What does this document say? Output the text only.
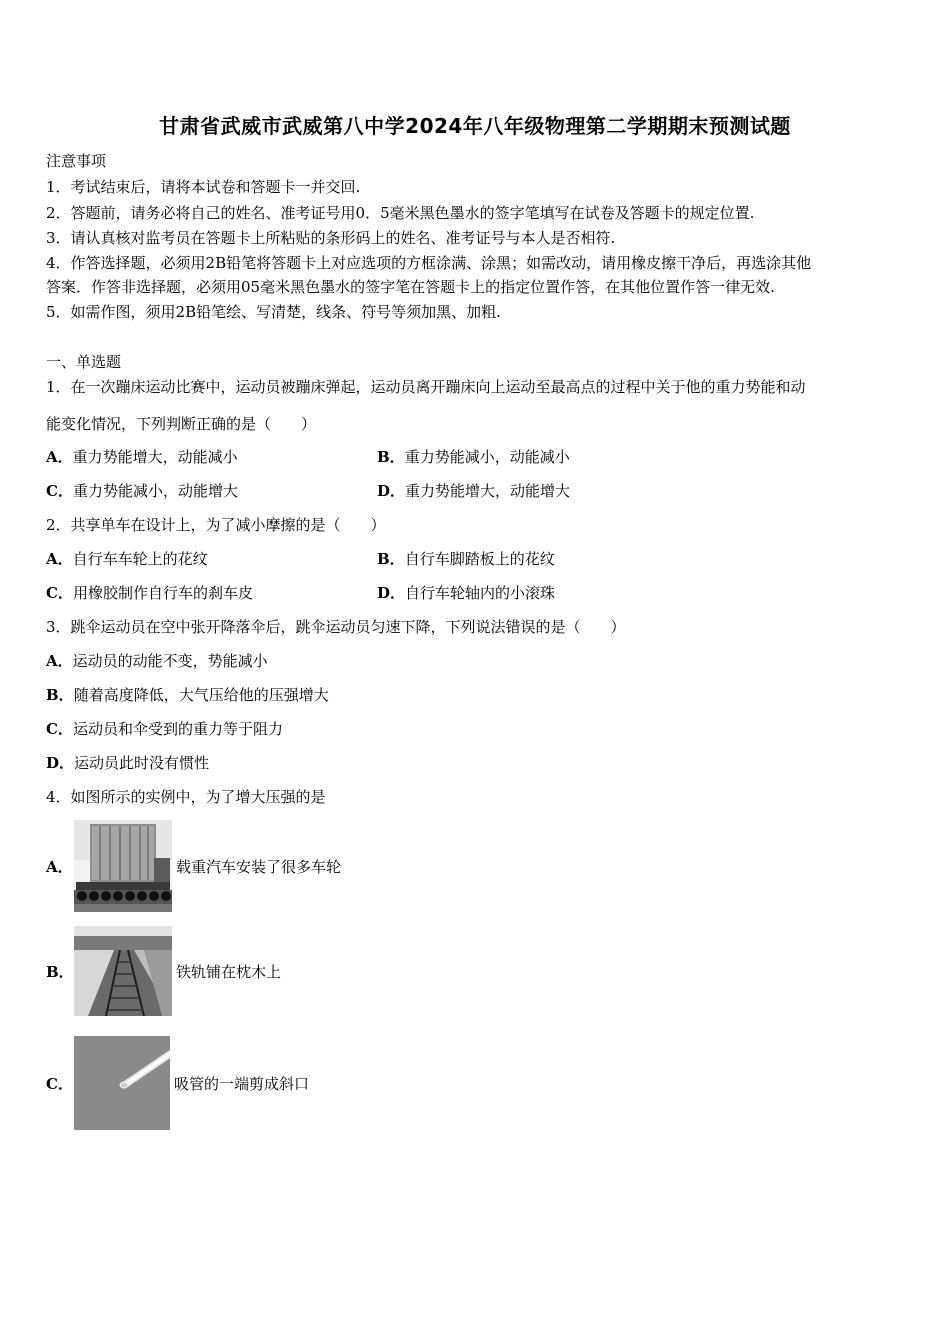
甘肃省武威市武威第八中学2024年八年级物理第二学期期末预测试题
注意事项
1．考试结束后，请将本试卷和答题卡一并交回.
2．答题前，请务必将自己的姓名、准考证号用0．5毫米黑色墨水的签字笔填写在试卷及答题卡的规定位置.
3．请认真核对监考员在答题卡上所粘贴的条形码上的姓名、准考证号与本人是否相符.
4．作答选择题，必须用2B铅笔将答题卡上对应选项的方框涂满、涂黑；如需改动，请用橡皮擦干净后，再选涂其他
答案．作答非选择题，必须用05毫米黑色墨水的签字笔在答题卡上的指定位置作答，在其他位置作答一律无效.
5．如需作图，须用2B铅笔绘、写清楚，线条、符号等须加黑、加粗.
一、单选题
1．在一次蹦床运动比赛中，运动员被蹦床弹起，运动员离开蹦床向上运动至最高点的过程中关于他的重力势能和动
能变化情况，下列判断正确的是（　　）
A．重力势能增大，动能减小	B．重力势能减小，动能减小
C．重力势能减小，动能增大	D．重力势能增大，动能增大
2．共享单车在设计上，为了减小摩擦的是（　　）
A．自行车车轮上的花纹	B．自行车脚踏板上的花纹
C．用橡胶制作自行车的刹车皮	D．自行车轮轴内的小滚珠
3．跳伞运动员在空中张开降落伞后，跳伞运动员匀速下降，下列说法错误的是（　　）
A．运动员的动能不变，势能减小
B．随着高度降低，大气压给他的压强增大
C．运动员和伞受到的重力等于阻力
D．运动员此时没有惯性
4．如图所示的实例中，为了增大压强的是
A．	载重汽车安装了很多车轮
B．	铁轨铺在枕木上
C．	吸管的一端剪成斜口
